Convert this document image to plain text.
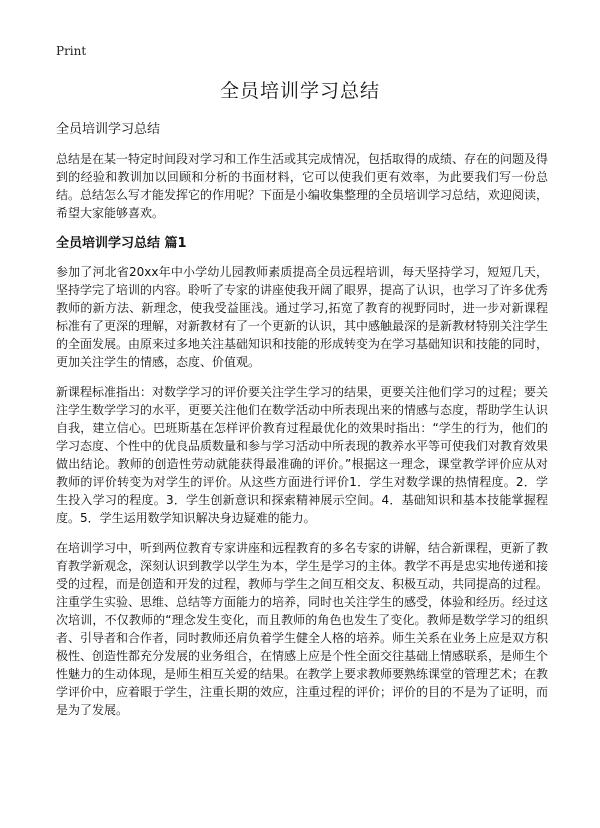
Print
全员培训学习总结

全员培训学习总结

总结是在某一特定时间段对学习和工作生活或其完成情况，包括取得的成绩、存在的问题及得到的经验和教训加以回顾和分析的书面材料，它可以使我们更有效率，为此要我们写一份总结。总结怎么写才能发挥它的作用呢？下面是小编收集整理的全员培训学习总结，欢迎阅读，希望大家能够喜欢。

全员培训学习总结 篇1

参加了河北省20xx年中小学幼儿园教师素质提高全员远程培训，每天坚持学习，短短几天，坚持学完了培训的内容。聆听了专家的讲座使我开阔了眼界，提高了认识，也学习了许多优秀教师的新方法、新理念，使我受益匪浅。通过学习,拓宽了教育的视野同时，进一步对新课程标准有了更深的理解，对新教材有了一个更新的认识，其中感触最深的是新教材特别关注学生的全面发展。由原来过多地关注基础知识和技能的形成转变为在学习基础知识和技能的同时，更加关注学生的情感，态度、价值观。

新课程标准指出：对数学学习的评价要关注学生学习的结果，更要关注他们学习的过程；要关注学生数学学习的水平，更要关注他们在数学活动中所表现出来的情感与态度，帮助学生认识自我，建立信心。巴班斯基在怎样评价教育过程最优化的效果时指出：“学生的行为，他们的学习态度、个性中的优良品质数量和参与学习活动中所表现的教养水平等可使我们对教育效果做出结论。教师的创造性劳动就能获得最准确的评价。”根据这一理念，课堂教学评价应从对教师的评价转变为对学生的评价。从这些方面进行评价1．学生对数学课的热情程度。2．学生投入学习的程度。3．学生创新意识和探索精神展示空间。4．基础知识和基本技能掌握程度。5．学生运用数学知识解决身边疑难的能力。

在培训学习中，听到两位教育专家讲座和远程教育的多名专家的讲解，结合新课程，更新了教育教学新观念，深刻认识到教学以学生为本，学生是学习的主体。教学不再是忠实地传递和接受的过程，而是创造和开发的过程，教师与学生之间互相交友、积极互动，共同提高的过程。注重学生实验、思维、总结等方面能力的培养，同时也关注学生的感受，体验和经历。经过这次培训，不仅教师的“理念发生变化，而且教师的角色也发生了变化。教师是数学学习的组织者、引导者和合作者，同时教师还肩负着学生健全人格的培养。师生关系在业务上应是双方积极性、创造性都充分发展的业务组合，在情感上应是个性全面交往基础上情感联系，是师生个性魅力的生动体现，是师生相互关爱的结果。在教学上要求教师要熟练课堂的管理艺术；在教学评价中，应着眼于学生，注重长期的效应，注重过程的评价；评价的目的不是为了证明，而是为了发展。
